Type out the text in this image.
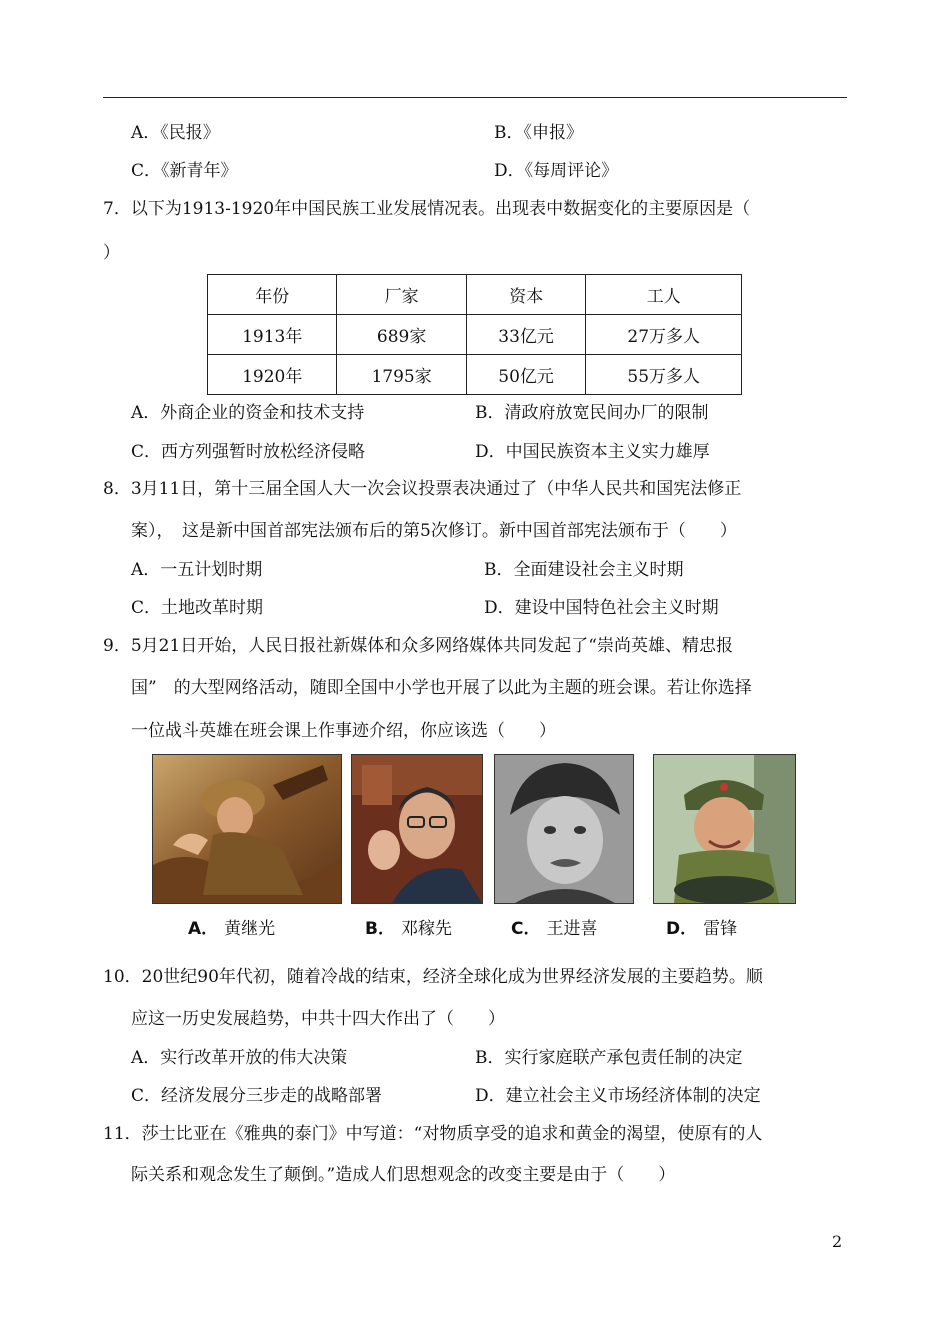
A．《民报》	B．《申报》
C．《新青年》	D．《每周评论》
7．以下为1913-1920年中国民族工业发展情况表。出现表中数据变化的主要原因是（
）
年份	厂家	资本	工人
1913年	689家	33亿元	27万多人
1920年	1795家	50亿元	55万多人
A．外商企业的资金和技术支持	B．清政府放宽民间办厂的限制
C．西方列强暂时放松经济侵略	D．中国民族资本主义实力雄厚
8．3月11日，第十三届全国人大一次会议投票表决通过了（中华人民共和国宪法修正
案），　这是新中国首部宪法颁布后的第5次修订。新中国首部宪法颁布于（　　）
A．一五计划时期	B．全面建设社会主义时期
C．土地改革时期	D．建设中国特色社会主义时期
9．5月21日开始，人民日报社新媒体和众多网络媒体共同发起了“崇尚英雄、精忠报
国”　的大型网络活动，随即全国中小学也开展了以此为主题的班会课。若让你选择
一位战斗英雄在班会课上作事迹介绍，你应该选（　　）
A． 黄继光	B． 邓稼先	C． 王进喜	D． 雷锋
10．20世纪90年代初，随着冷战的结束，经济全球化成为世界经济发展的主要趋势。顺
应这一历史发展趋势，中共十四大作出了（　　）
A．实行改革开放的伟大决策	B．实行家庭联产承包责任制的决定
C．经济发展分三步走的战略部署	D．建立社会主义市场经济体制的决定
11．莎士比亚在《雅典的泰门》中写道：“对物质享受的追求和黄金的渴望，使原有的人
际关系和观念发生了颠倒。”造成人们思想观念的改变主要是由于（　　）
2
